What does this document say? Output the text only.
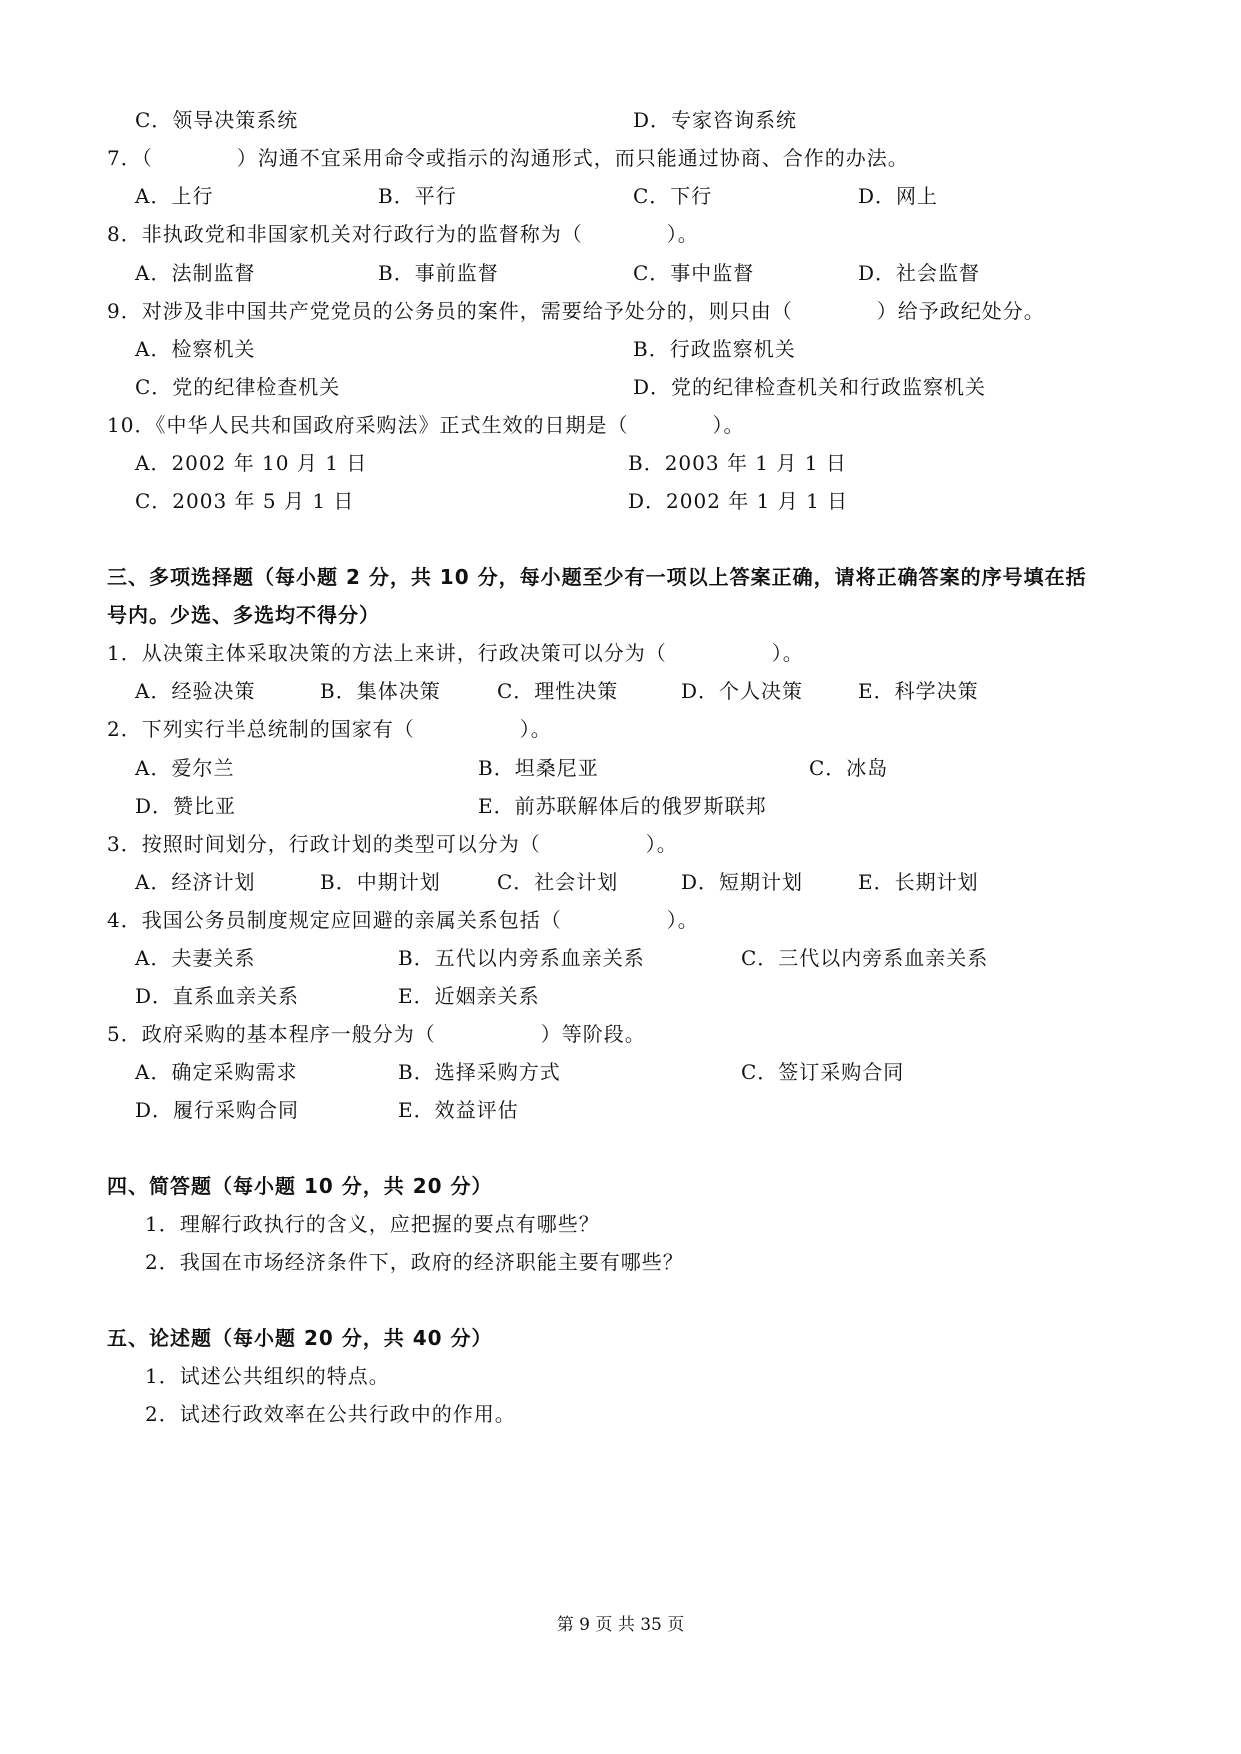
C．领导决策系统	D．专家咨询系统
7．（　　　　）沟通不宜采用命令或指示的沟通形式，而只能通过协商、合作的办法。
A．上行	B．平行	C．下行	D．网上
8．非执政党和非国家机关对行政行为的监督称为（　　　　）。
A．法制监督	B．事前监督	C．事中监督	D．社会监督
9．对涉及非中国共产党党员的公务员的案件，需要给予处分的，则只由（　　　　）给予政纪处分。
A．检察机关	B．行政监察机关
C．党的纪律检查机关	D．党的纪律检查机关和行政监察机关
10．《中华人民共和国政府采购法》正式生效的日期是（　　　　）。
A．2002 年 10 月 1 日	B．2003 年 1 月 1 日
C．2003 年 5 月 1 日	D．2002 年 1 月 1 日
三、多项选择题（每小题 2 分，共 10 分，每小题至少有一项以上答案正确，请将正确答案的序号填在括
号内。少选、多选均不得分）
1．从决策主体采取决策的方法上来讲，行政决策可以分为（　　　　　）。
A．经验决策	B．集体决策	C．理性决策	D．个人决策	E．科学决策
2．下列实行半总统制的国家有（　　　　　）。
A．爱尔兰	B．坦桑尼亚	C．冰岛
D．赞比亚	E．前苏联解体后的俄罗斯联邦
3．按照时间划分，行政计划的类型可以分为（　　　　　）。
A．经济计划	B．中期计划	C．社会计划	D．短期计划	E．长期计划
4．我国公务员制度规定应回避的亲属关系包括（　　　　　）。
A．夫妻关系	B．五代以内旁系血亲关系	C．三代以内旁系血亲关系
D．直系血亲关系	E．近姻亲关系
5．政府采购的基本程序一般分为（　　　　　）等阶段。
A．确定采购需求	B．选择采购方式	C．签订采购合同
D．履行采购合同	E．效益评估
四、简答题（每小题 10 分，共 20 分）
1．理解行政执行的含义，应把握的要点有哪些？
2．我国在市场经济条件下，政府的经济职能主要有哪些？
五、论述题（每小题 20 分，共 40 分）
1．试述公共组织的特点。
2．试述行政效率在公共行政中的作用。
第 9 页 共 35 页
